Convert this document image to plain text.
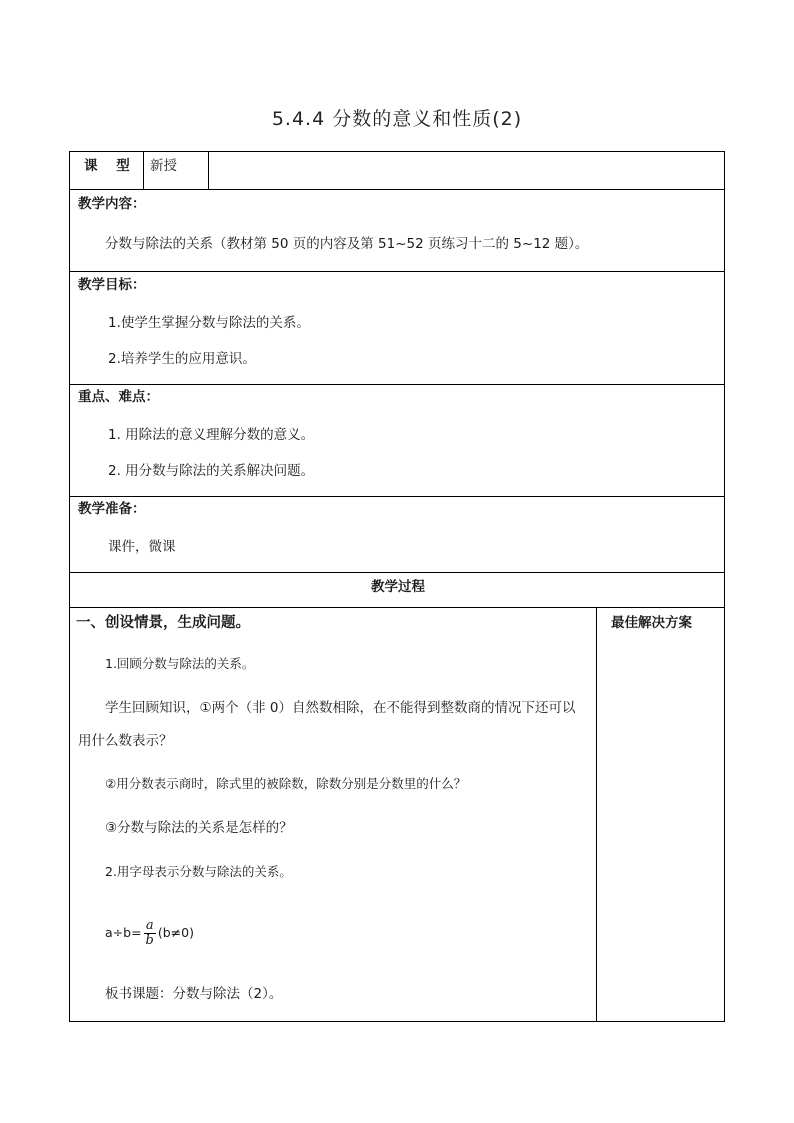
5.4.4 分数的意义和性质(2)
课 型 新授
教学内容：
分数与除法的关系（教材第 50 页的内容及第 51~52 页练习十二的 5~12 题）。
教学目标：
1.使学生掌握分数与除法的关系。
2.培养学生的应用意识。
重点、难点：
1. 用除法的意义理解分数的意义。
2. 用分数与除法的关系解决问题。
教学准备：
课件，微课
教学过程
一、创设情景，生成问题。	最佳解决方案
1.回顾分数与除法的关系。
学生回顾知识，①两个（非 0）自然数相除，在不能得到整数商的情况下还可以
用什么数表示？
②用分数表示商时，除式里的被除数，除数分别是分数里的什么？
③分数与除法的关系是怎样的？
2.用字母表示分数与除法的关系。
$a\div b= \frac{a}{b} (b\ne 0)$
板书课题：分数与除法（2）。
